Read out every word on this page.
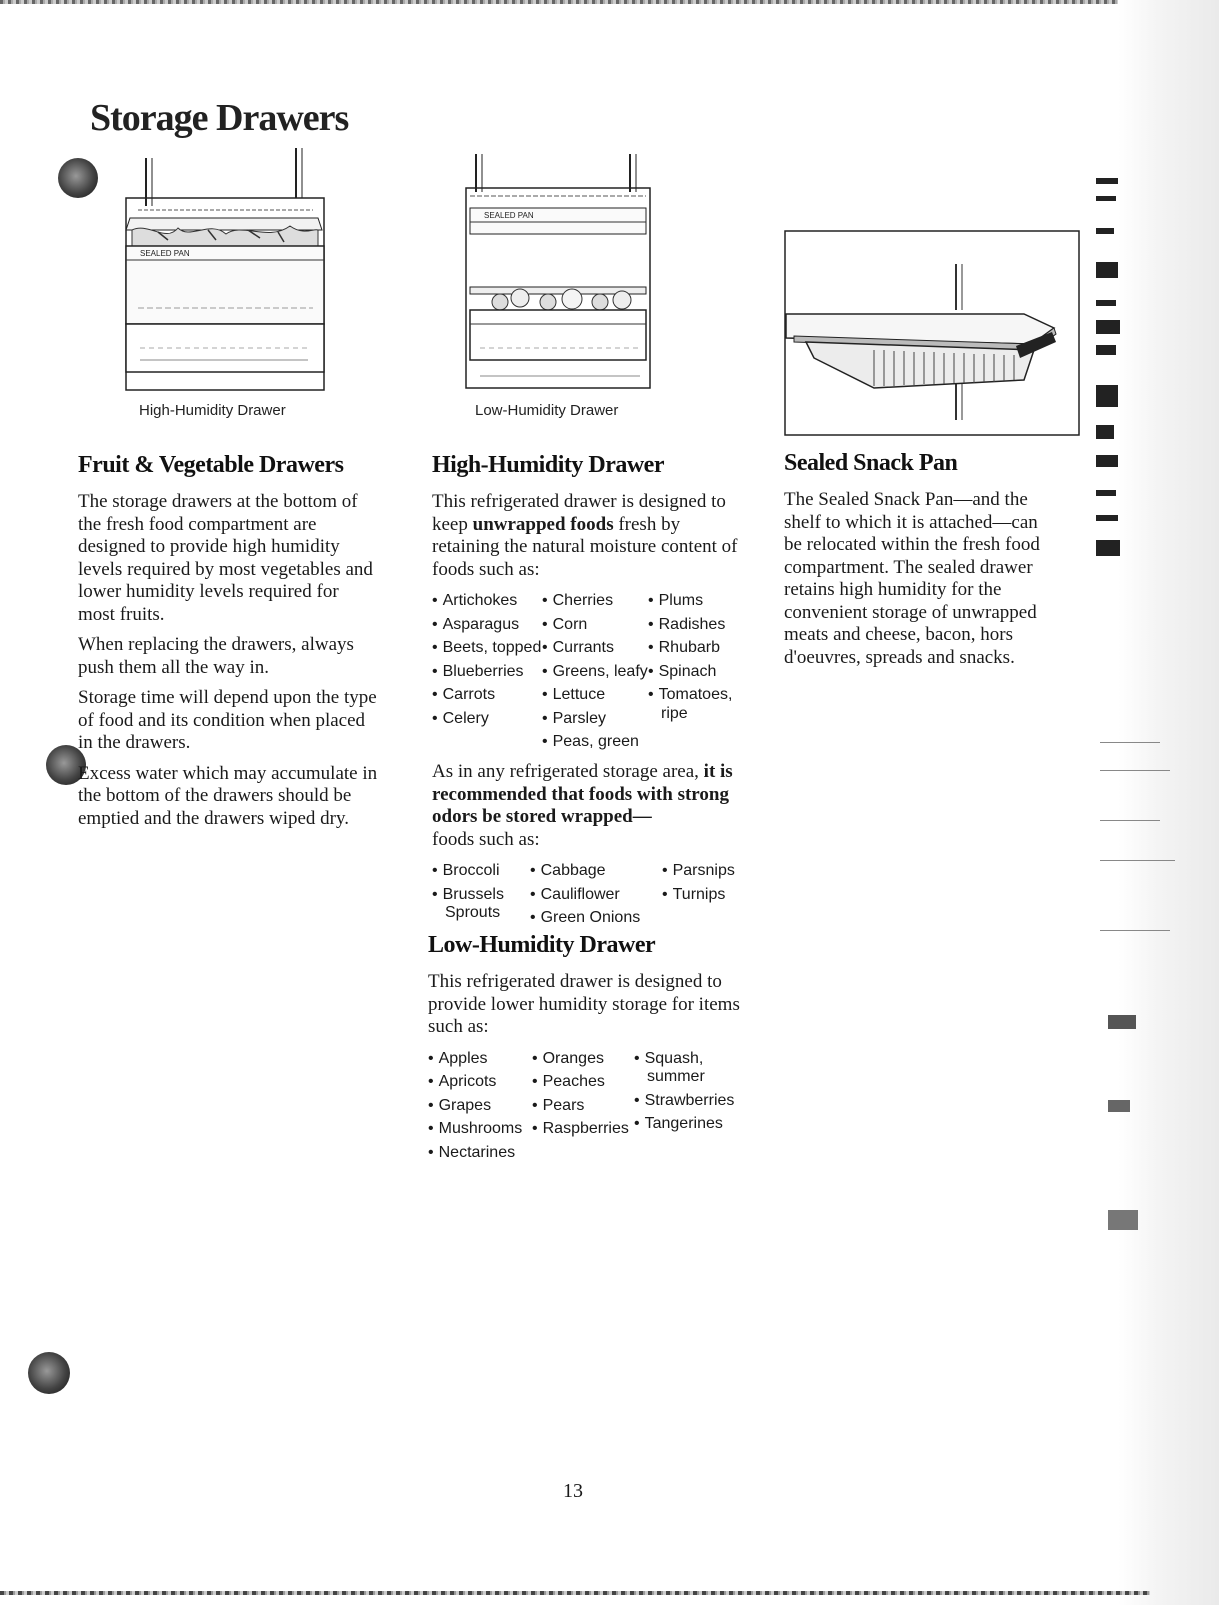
Storage Drawers
SEALED PAN
High-Humidity Drawer
SEALED PAN
Low-Humidity Drawer
Fruit & Vegetable Drawers

The storage drawers at the bottom of the fresh food compartment are designed to provide high humidity levels required by most vegetables and lower humidity levels required for most fruits.

When replacing the drawers, always push them all the way in.

Storage time will depend upon the type of food and its condition when placed in the drawers.

Excess water which may accumulate in the bottom of the drawers should be emptied and the drawers wiped dry.

High-Humidity Drawer

This refrigerated drawer is designed to keep unwrapped foods fresh by retaining the natural moisture content of foods such as:

• Artichokes
• Asparagus
• Beets, topped
• Blueberries
• Carrots
• Celery
• Cherries
• Corn
• Currants
• Greens, leafy
• Lettuce
• Parsley
• Peas, green
• Plums
• Radishes
• Rhubarb
• Spinach
• Tomatoes,
ripe

As in any refrigerated storage area, it is recommended that foods with strong odors be stored wrapped—
foods such as:

• Broccoli
• Brussels
Sprouts
• Cabbage
• Cauliflower
• Green Onions
• Parsnips
• Turnips
Low-Humidity Drawer

This refrigerated drawer is designed to provide lower humidity storage for items such as:

• Apples
• Apricots
• Grapes
• Mushrooms
• Nectarines
• Oranges
• Peaches
• Pears
• Raspberries
• Squash,
summer
• Strawberries
• Tangerines
Sealed Snack Pan

The Sealed Snack Pan—and the shelf to which it is attached—can be relocated within the fresh food compartment. The sealed drawer retains high humidity for the convenient storage of unwrapped meats and cheese, bacon, hors d'oeuvres, spreads and snacks.

13
